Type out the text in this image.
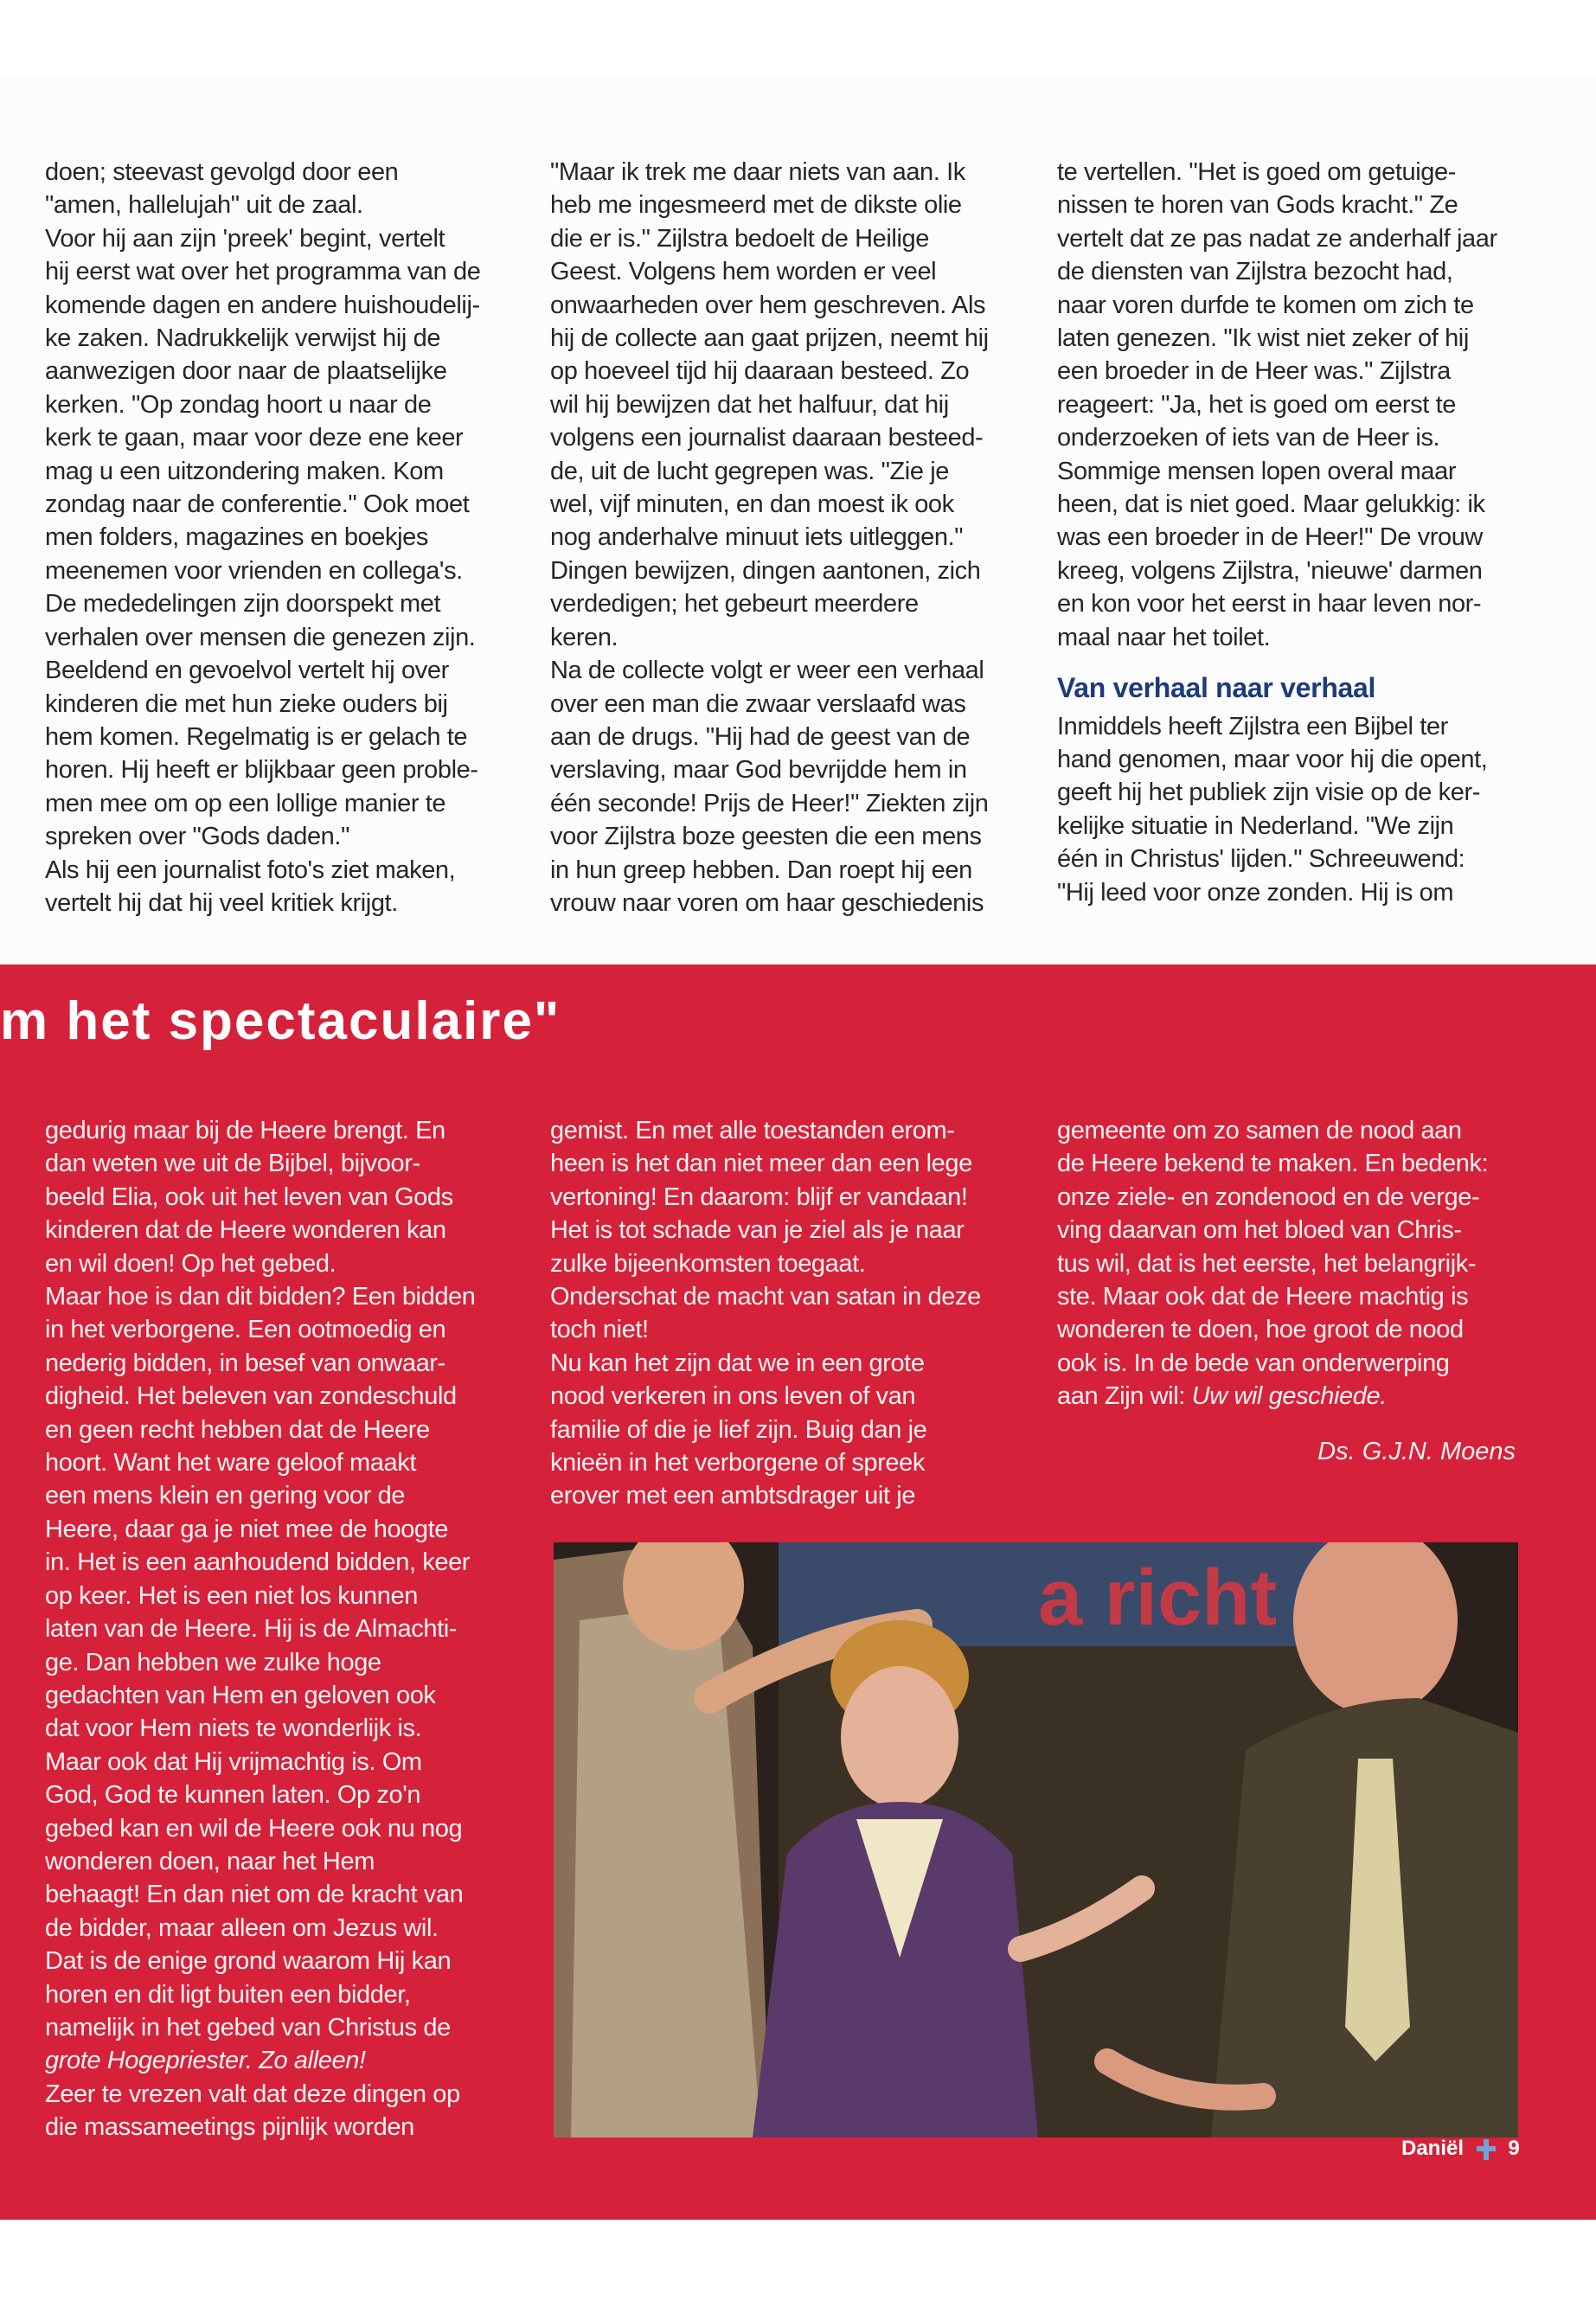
doen; steevast gevolgd door een
"amen, hallelujah" uit de zaal.
Voor hij aan zijn 'preek' begint, vertelt
hij eerst wat over het programma van de
komende dagen en andere huishoudelij-
ke zaken. Nadrukkelijk verwijst hij de
aanwezigen door naar de plaatselijke
kerken. "Op zondag hoort u naar de
kerk te gaan, maar voor deze ene keer
mag u een uitzondering maken. Kom
zondag naar de conferentie." Ook moet
men folders, magazines en boekjes
meenemen voor vrienden en collega's.
De mededelingen zijn doorspekt met
verhalen over mensen die genezen zijn.
Beeldend en gevoelvol vertelt hij over
kinderen die met hun zieke ouders bij
hem komen. Regelmatig is er gelach te
horen. Hij heeft er blijkbaar geen proble-
men mee om op een lollige manier te
spreken over "Gods daden."
Als hij een journalist foto's ziet maken,
vertelt hij dat hij veel kritiek krijgt.

"Maar ik trek me daar niets van aan. Ik
heb me ingesmeerd met de dikste olie
die er is." Zijlstra bedoelt de Heilige
Geest. Volgens hem worden er veel
onwaarheden over hem geschreven. Als
hij de collecte aan gaat prijzen, neemt hij
op hoeveel tijd hij daaraan besteed. Zo
wil hij bewijzen dat het halfuur, dat hij
volgens een journalist daaraan besteed-
de, uit de lucht gegrepen was. "Zie je
wel, vijf minuten, en dan moest ik ook
nog anderhalve minuut iets uitleggen."
Dingen bewijzen, dingen aantonen, zich
verdedigen; het gebeurt meerdere
keren.
Na de collecte volgt er weer een verhaal
over een man die zwaar verslaafd was
aan de drugs. "Hij had de geest van de
verslaving, maar God bevrijdde hem in
één seconde! Prijs de Heer!" Ziekten zijn
voor Zijlstra boze geesten die een mens
in hun greep hebben. Dan roept hij een
vrouw naar voren om haar geschiedenis

te vertellen. "Het is goed om getuige-
nissen te horen van Gods kracht." Ze
vertelt dat ze pas nadat ze anderhalf jaar
de diensten van Zijlstra bezocht had,
naar voren durfde te komen om zich te
laten genezen. "Ik wist niet zeker of hij
een broeder in de Heer was." Zijlstra
reageert: "Ja, het is goed om eerst te
onderzoeken of iets van de Heer is.
Sommige mensen lopen overal maar
heen, dat is niet goed. Maar gelukkig: ik
was een broeder in de Heer!" De vrouw
kreeg, volgens Zijlstra, 'nieuwe' darmen
en kon voor het eerst in haar leven nor-
maal naar het toilet.

Van verhaal naar verhaal

Inmiddels heeft Zijlstra een Bijbel ter
hand genomen, maar voor hij die opent,
geeft hij het publiek zijn visie op de ker-
kelijke situatie in Nederland. "We zijn
één in Christus' lijden." Schreeuwend:
"Hij leed voor onze zonden. Hij is om

m het spectaculaire"

gedurig maar bij de Heere brengt. En
dan weten we uit de Bijbel, bijvoor-
beeld Elia, ook uit het leven van Gods
kinderen dat de Heere wonderen kan
en wil doen! Op het gebed.
Maar hoe is dan dit bidden? Een bidden
in het verborgene. Een ootmoedig en
nederig bidden, in besef van onwaar-
digheid. Het beleven van zondeschuld
en geen recht hebben dat de Heere
hoort. Want het ware geloof maakt
een mens klein en gering voor de
Heere, daar ga je niet mee de hoogte
in. Het is een aanhoudend bidden, keer
op keer. Het is een niet los kunnen
laten van de Heere. Hij is de Almachti-
ge. Dan hebben we zulke hoge
gedachten van Hem en geloven ook
dat voor Hem niets te wonderlijk is.
Maar ook dat Hij vrijmachtig is. Om
God, God te kunnen laten. Op zo'n
gebed kan en wil de Heere ook nu nog
wonderen doen, naar het Hem
behaagt! En dan niet om de kracht van
de bidder, maar alleen om Jezus wil.
Dat is de enige grond waarom Hij kan
horen en dit ligt buiten een bidder,
namelijk in het gebed van Christus de
grote Hogepriester. Zo alleen!
Zeer te vrezen valt dat deze dingen op
die massameetings pijnlijk worden

gemist. En met alle toestanden erom-
heen is het dan niet meer dan een lege
vertoning! En daarom: blijf er vandaan!
Het is tot schade van je ziel als je naar
zulke bijeenkomsten toegaat.
Onderschat de macht van satan in deze
toch niet!
Nu kan het zijn dat we in een grote
nood verkeren in ons leven of van
familie of die je lief zijn. Buig dan je
knieën in het verborgene of spreek
erover met een ambtsdrager uit je

gemeente om zo samen de nood aan
de Heere bekend te maken. En bedenk:
onze ziele- en zondenood en de verge-
ving daarvan om het bloed van Chris-
tus wil, dat is het eerste, het belangrijk-
ste. Maar ook dat de Heere machtig is
wonderen te doen, hoe groot de nood
ook is. In de bede van onderwerping
aan Zijn wil: Uw wil geschiede.

Ds. G.J.N. Moens
a richt
Daniël 9
